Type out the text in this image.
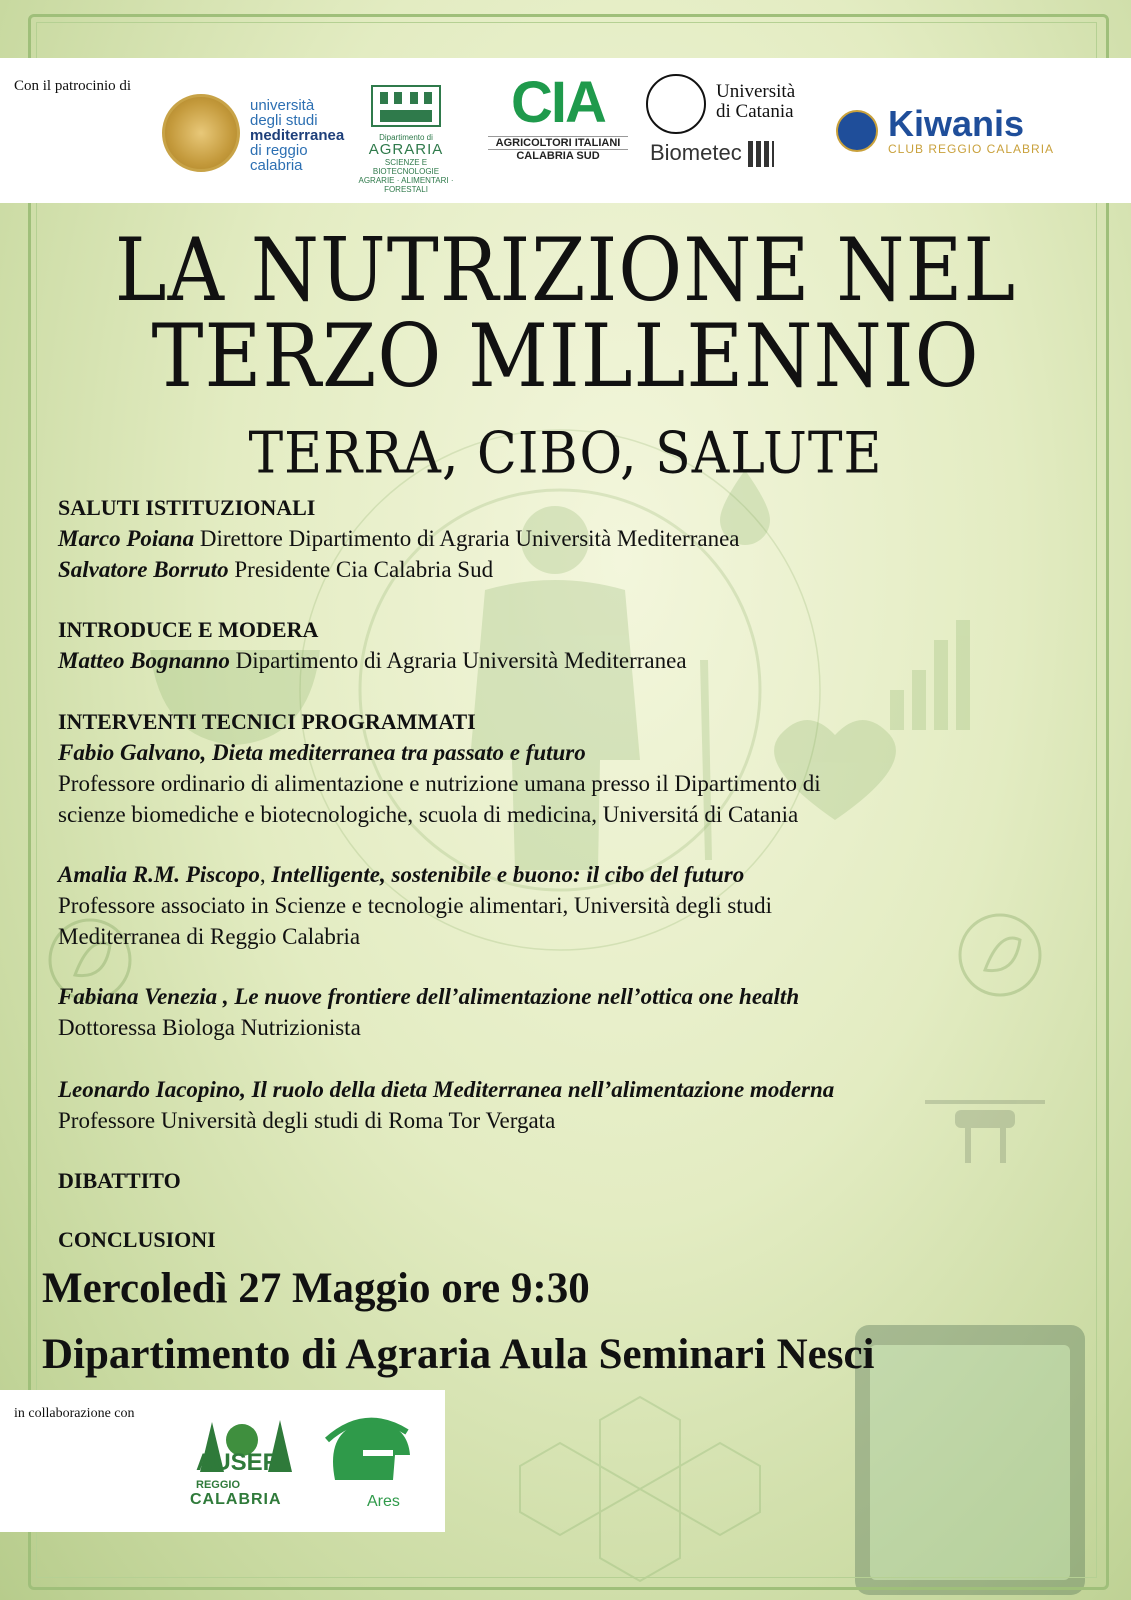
Con il patrocinio di
università
degli studi
mediterranea
di reggio
calabria
Dipartimento di
AGRARIA
SCIENZE E BIOTECNOLOGIE
AGRARIE · ALIMENTARI · FORESTALI
CIA
AGRICOLTORI ITALIANI
CALABRIA SUD

Università
di Catania
Biometec

Kiwanis
CLUB REGGIO CALABRIA
LA NUTRIZIONE NEL
TERZO MILLENNIO
TERRA, CIBO, SALUTE
SALUTI ISTITUZIONALI
Marco Poiana Direttore Dipartimento di Agraria Università Mediterranea
Salvatore Borruto Presidente Cia Calabria Sud
INTRODUCE E MODERA
Matteo Bognanno Dipartimento di Agraria Università Mediterranea
INTERVENTI TECNICI PROGRAMMATI
Fabio Galvano, Dieta mediterranea tra passato e futuro
Professore ordinario di alimentazione e nutrizione umana presso il Dipartimento di
scienze biomediche e biotecnologiche, scuola di medicina, Universitá di Catania
Amalia R.M. Piscopo, Intelligente, sostenibile e buono: il cibo del futuro
Professore associato in Scienze e tecnologie alimentari, Università degli studi
Mediterranea di Reggio Calabria
Fabiana Venezia , Le nuove frontiere dell’alimentazione nell’ottica one health
Dottoressa Biologa Nutrizionista
Leonardo Iacopino, Il ruolo della dieta Mediterranea nell’alimentazione moderna
Professore Università degli studi di Roma Tor Vergata
DIBATTITO
CONCLUSIONI
Mercoledì 27 Maggio ore 9:30
Dipartimento di Agraria Aula Seminari Nesci
in collaborazione con
AUSER
REGGIO
CALABRIA	Ares
